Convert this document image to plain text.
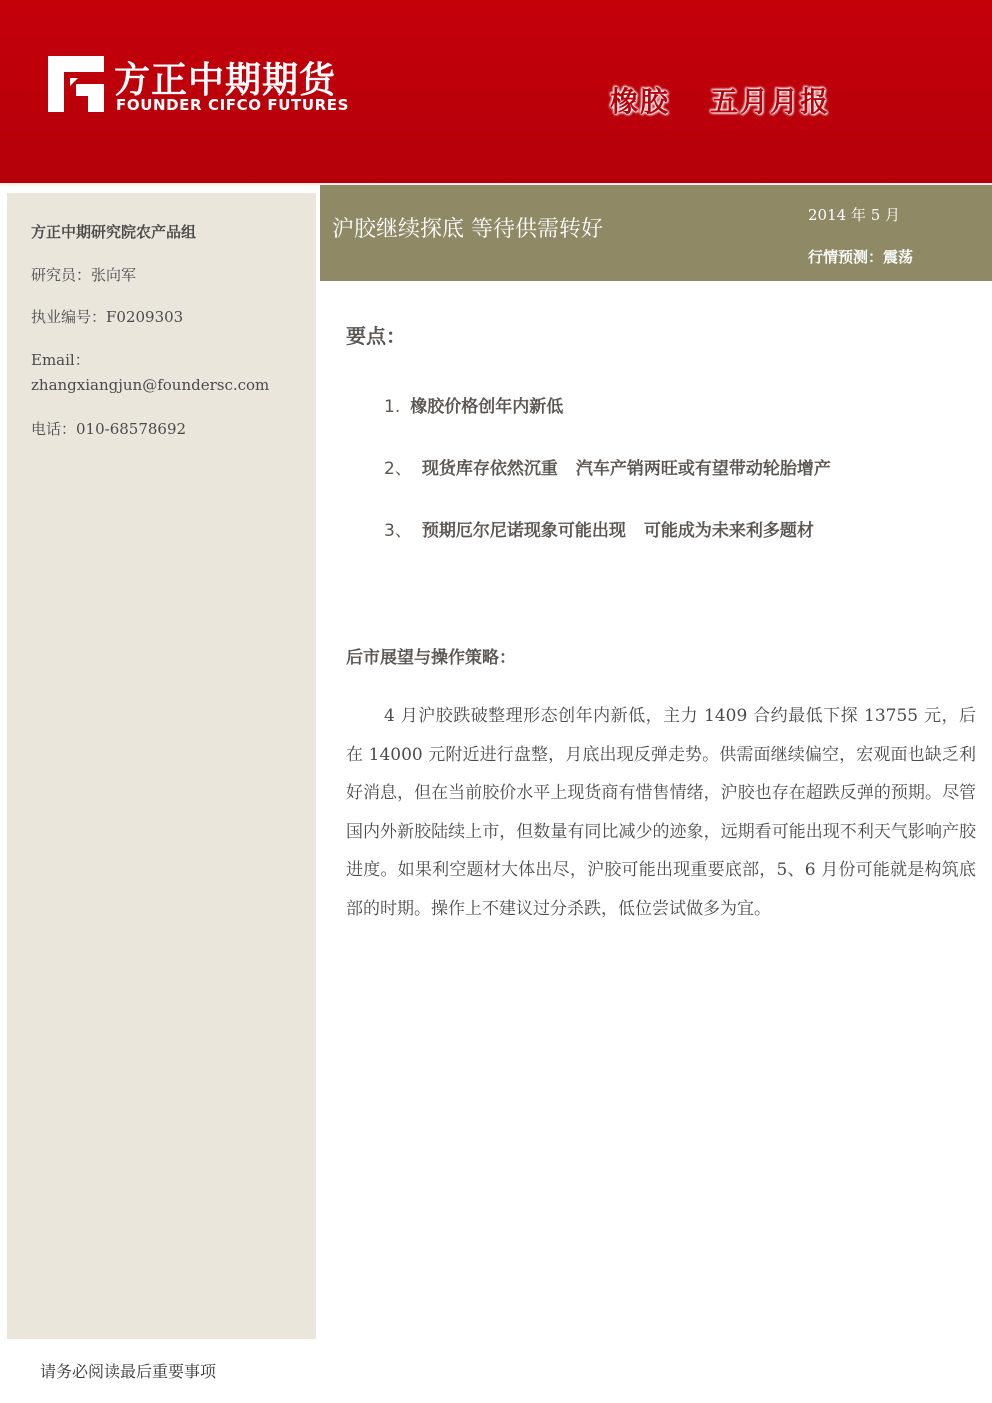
方正中期期货
FOUNDER CIFCO FUTURES	橡胶 五月月报
方正中期研究院农产品组
研究员：张向军
执业编号：F0209303
Email：
zhangxiangjun@foundersc.com
电话：010-68578692
沪胶继续探底 等待供需转好
2014 年 5 月
行情预测：震荡
要点：
1. 橡胶价格创年内新低
2、 现货库存依然沉重 汽车产销两旺或有望带动轮胎增产
3、 预期厄尔尼诺现象可能出现 可能成为未来利多题材
后市展望与操作策略：
4 月沪胶跌破整理形态创年内新低，主力 1409 合约最低下探 13755 元，后在 14000 元附近进行盘整，月底出现反弹走势。供需面继续偏空，宏观面也缺乏利好消息，但在当前胶价水平上现货商有惜售情绪，沪胶也存在超跌反弹的预期。尽管国内外新胶陆续上市，但数量有同比减少的迹象，远期看可能出现不利天气影响产胶进度。如果利空题材大体出尽，沪胶可能出现重要底部，5、6 月份可能就是构筑底部的时期。操作上不建议过分杀跌，低位尝试做多为宜。
请务必阅读最后重要事项
